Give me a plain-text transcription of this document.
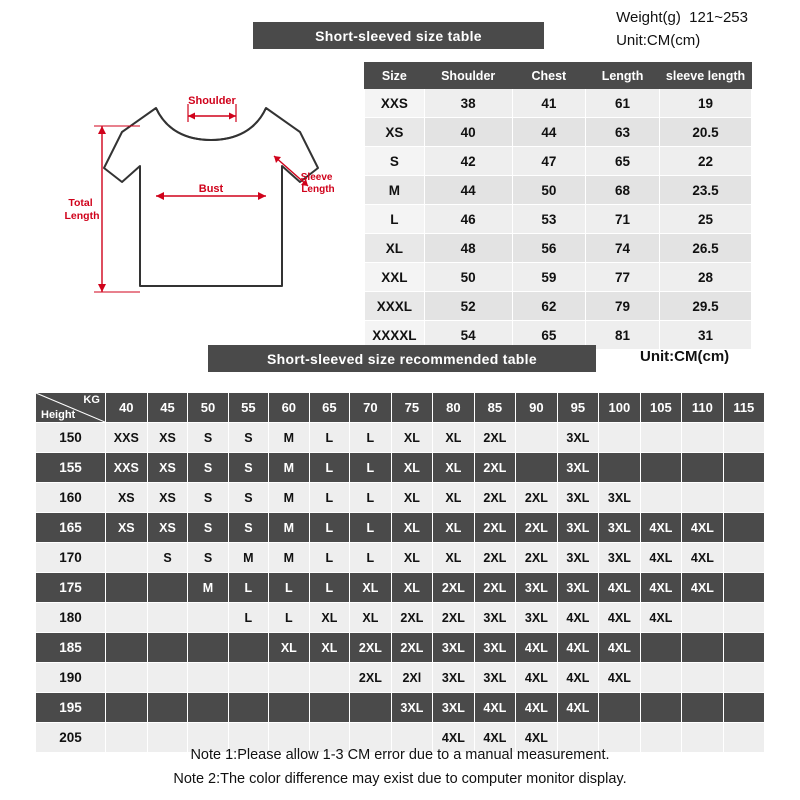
Weight(g)  121~253
Unit:CM(cm)
Short-sleeved size table
Shoulder
Bust
Sleeve Length
Total Length
Size	Shoulder	Chest	Length	sleeve length
XXS	38	41	61	19
XS	40	44	63	20.5
S	42	47	65	22
M	44	50	68	23.5
L	46	53	71	25
XL	48	56	74	26.5
XXL	50	59	77	28
XXXL	52	62	79	29.5
XXXXL	54	65	81	31
Short-sleeved size recommended table	Unit:CM(cm)
KG
Height	40	45	50	55	60	65	70	75	80	85	90	95	100	105	110	115
150	XXS	XS	S	S	M	L	L	XL	XL	2XL		3XL				
155	XXS	XS	S	S	M	L	L	XL	XL	2XL		3XL				
160	XS	XS	S	S	M	L	L	XL	XL	2XL	2XL	3XL	3XL			
165	XS	XS	S	S	M	L	L	XL	XL	2XL	2XL	3XL	3XL	4XL	4XL	
170		S	S	M	M	L	L	XL	XL	2XL	2XL	3XL	3XL	4XL	4XL	
175			M	L	L	L	XL	XL	2XL	2XL	3XL	3XL	4XL	4XL	4XL	
180				L	L	XL	XL	2XL	2XL	3XL	3XL	4XL	4XL	4XL		
185					XL	XL	2XL	2XL	3XL	3XL	4XL	4XL	4XL			
190							2XL	2Xl	3XL	3XL	4XL	4XL	4XL			
195								3XL	3XL	4XL	4XL	4XL				
205									4XL	4XL	4XL					
Note 1:Please allow 1-3 CM error due to a manual measurement.
Note 2:The color difference may exist due to computer monitor display.
